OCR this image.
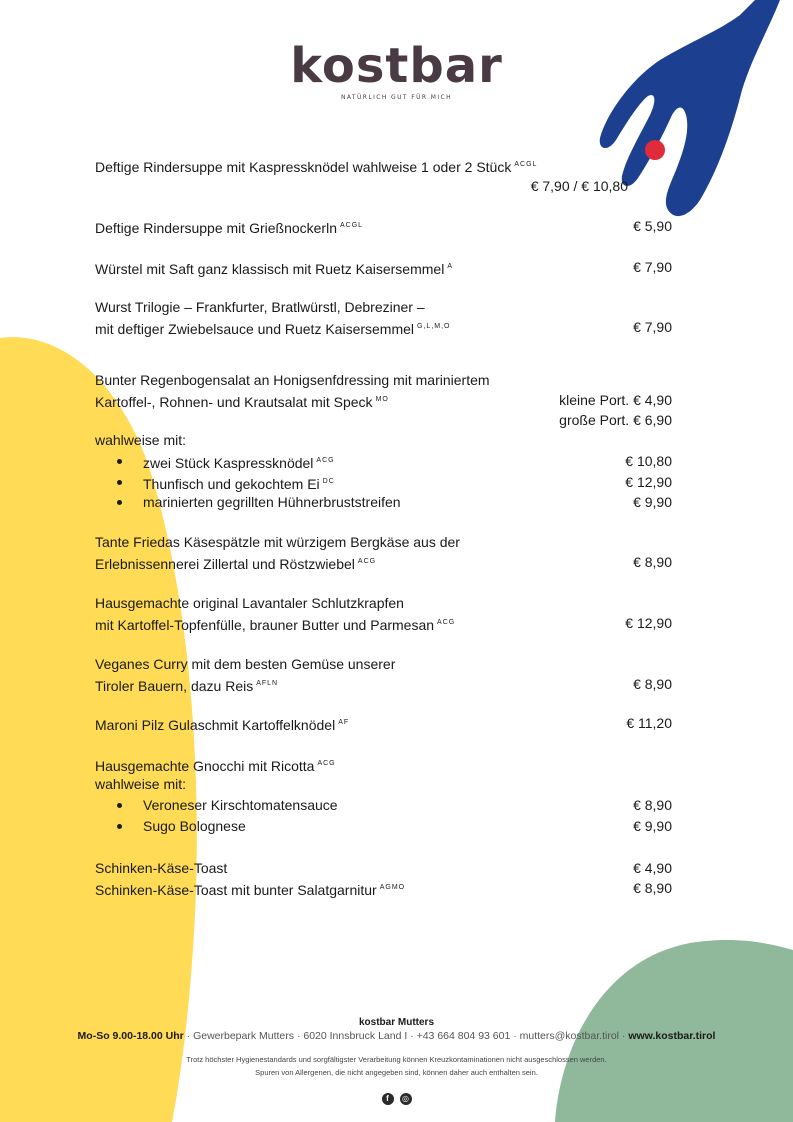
kostbar
NATÜRLICH GUT FÜR MICH
Deftige Rindersuppe mit Kaspressknödel wahlweise 1 oder 2 Stück $^{ACGL}$
€ 7,90 / € 10,80
Deftige Rindersuppe mit Grießnockerln $^{ACGL}$	€ 5,90
Würstel mit Saft ganz klassisch mit Ruetz Kaisersemmel $^A$	€ 7,90
Wurst Trilogie – Frankfurter, Bratlwürstl, Debreziner –
mit deftiger Zwiebelsauce und Ruetz Kaisersemmel $^{G,L,M,O}$	€ 7,90
Bunter Regenbogensalat an Honigsenfdressing mit mariniertem
Kartoffel-, Rohnen- und Krautsalat mit Speck $^{MO}$	kleine Port. € 4,90
große Port. € 6,90
wahlweise mit:
zwei Stück Kaspressknödel $^{ACG}$	€ 10,80
Thunfisch und gekochtem Ei $^{DC}$	€ 12,90
marinierten gegrillten Hühnerbruststreifen	€ 9,90
Tante Friedas Käsespätzle mit würzigem Bergkäse aus der
Erlebnissennerei Zillertal und Röstzwiebel $^{ACG}$	€ 8,90
Hausgemachte original Lavantaler Schlutzkrapfen
mit Kartoffel-Topfenfülle, brauner Butter und Parmesan $^{ACG}$	€ 12,90
Veganes Curry mit dem besten Gemüse unserer
Tiroler Bauern, dazu Reis $^{AFLN}$	€ 8,90
Maroni Pilz Gulaschmit Kartoffelknödel $^{AF}$	€ 11,20
Hausgemachte Gnocchi mit Ricotta $^{ACG}$
wahlweise mit:
Veroneser Kirschtomatensauce	€ 8,90
Sugo Bolognese	€ 9,90
Schinken-Käse-Toast	€ 4,90
Schinken-Käse-Toast mit bunter Salatgarnitur $^{AGMO}$	€ 8,90
kostbar Mutters
Mo-So 9.00-18.00 Uhr · Gewerbepark Mutters · 6020 Innsbruck Land I · +43 664 804 93 601 · mutters@kostbar.tirol · www.kostbar.tirol
Trotz höchster Hygienestandards und sorgfältigster Verarbeitung können Kreuzkontaminationen nicht ausgeschlossen werden.
Spuren von Allergenen, die nicht angegeben sind, können daher auch enthalten sein.
f ◎
